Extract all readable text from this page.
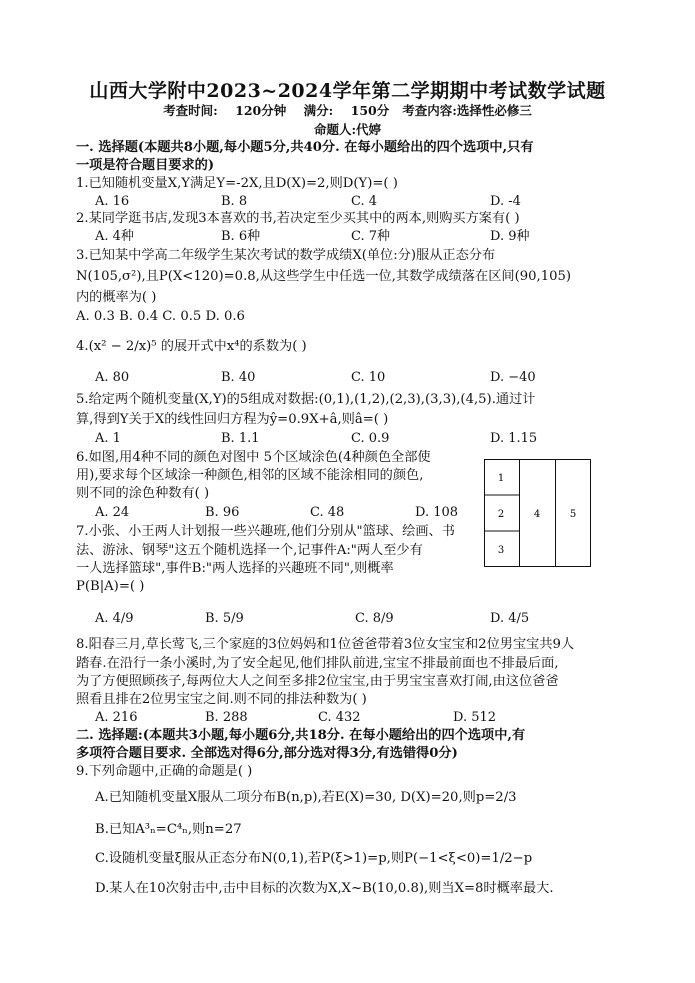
山西大学附中2023~2024学年第二学期期中考试数学试题
考查时间:    120分钟    满分:    150分   考查内容:选择性必修三
命题人:代婷
一. 选择题(本题共8小题,每小题5分,共40分. 在每小题给出的四个选项中,只有
一项是符合题目要求的)
1.已知随机变量X,Y满足Y=-2X,且D(X)=2,则D(Y)=( )
A. 16	B. 8	C. 4	D. -4
2.某同学逛书店,发现3本喜欢的书,若决定至少买其中的两本,则购买方案有( )
A. 4种	B. 6种	C. 7种	D. 9种
3.已知某中学高二年级学生某次考试的数学成绩X(单位:分)服从正态分布
N(105,σ²),且P(X<120)=0.8,从这些学生中任选一位,其数学成绩落在区间(90,105)
内的概率为( )
A. 0.3 B. 0.4 C. 0.5 D. 0.6
4.(x² − 2/x)⁵ 的展开式中x⁴的系数为( )
A. 80	B. 40	C. 10	D. −40
5.给定两个随机变量(X,Y)的5组成对数据:(0,1),(1,2),(2,3),(3,3),(4,5).通过计
算,得到Y关于X的线性回归方程为ŷ=0.9X+â,则â=( )
A. 1	B. 1.1	C. 0.9	D. 1.15
6.如图,用4种不同的颜色对图中 5个区域涂色(4种颜色全部使
用),要求每个区域涂一种颜色,相邻的区域不能涂相同的颜色,
则不同的涂色种数有( )
A. 24	B. 96	C. 48	D. 108
1
2
3
4	5
7.小张、小王两人计划报一些兴趣班,他们分别从"篮球、绘画、书
法、游泳、钢琴"这五个随机选择一个,记事件A:"两人至少有
一人选择篮球",事件B:"两人选择的兴趣班不同",则概率
P(B|A)=( )
A. 4/9	B. 5/9	C. 8/9	D. 4/5
8.阳春三月,草长莺飞,三个家庭的3位妈妈和1位爸爸带着3位女宝宝和2位男宝宝共9人
踏春.在沿行一条小溪时,为了安全起见,他们排队前进,宝宝不排最前面也不排最后面,
为了方便照顾孩子,每两位大人之间至多排2位宝宝,由于男宝宝喜欢打闹,由这位爸爸
照看且排在2位男宝宝之间.则不同的排法种数为( )
A. 216	B. 288	C. 432	D. 512
二. 选择题:(本题共3小题,每小题6分,共18分. 在每小题给出的四个选项中,有
多项符合题目要求. 全部选对得6分,部分选对得3分,有选错得0分)
9.下列命题中,正确的命题是( )
A.已知随机变量X服从二项分布B(n,p),若E(X)=30, D(X)=20,则p=2/3
B.已知A³ₙ=C⁴ₙ,则n=27
C.设随机变量ξ服从正态分布N(0,1),若P(ξ>1)=p,则P(−1<ξ<0)=1/2−p
D.某人在10次射击中,击中目标的次数为X,X~B(10,0.8),则当X=8时概率最大.
